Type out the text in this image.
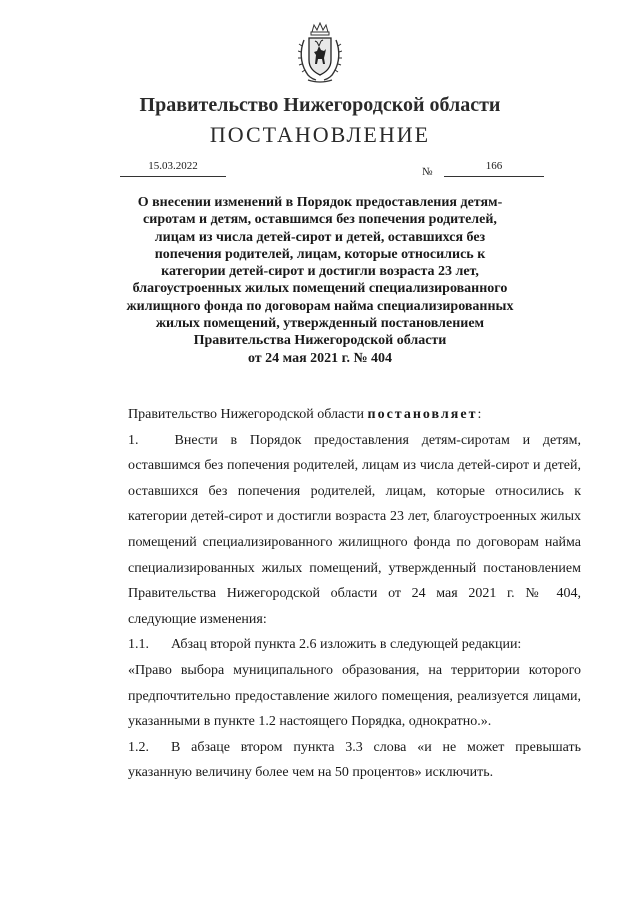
Правительство Нижегородской области
ПОСТАНОВЛЕНИЕ
15.03.2022	№	166
О внесении изменений в Порядок предоставления детям-
сиротам и детям, оставшимся без попечения родителей,
лицам из числа детей-сирот и детей, оставшихся без
попечения родителей, лицам, которые относились к
категории детей-сирот и достигли возраста 23 лет,
благоустроенных жилых помещений специализированного
жилищного фонда по договорам найма специализированных
жилых помещений, утвержденный постановлением
Правительства Нижегородской области
от 24 мая 2021 г. № 404

Правительство Нижегородской области постановляет:

1.	Внести в Порядок предоставления детям-сиротам и детям, оставшимся без попечения родителей, лицам из числа детей-сирот и детей, оставшихся без попечения родителей, лицам, которые относились к категории детей-сирот и достигли возраста 23 лет, благоустроенных жилых помещений специализированного жилищного фонда по договорам найма специализированных жилых помещений, утвержденный постановлением Правительства Нижегородской области от 24 мая 2021 г. № 404, следующие изменения:

1.1. Абзац второй пункта 2.6 изложить в следующей редакции:

«Право выбора муниципального образования, на территории которого предпочтительно предоставление жилого помещения, реализуется лицами, указанными в пункте 1.2 настоящего Порядка, однократно.».

1.2. В абзаце втором пункта 3.3 слова «и не может превышать указанную величину более чем на 50 процентов» исключить.
